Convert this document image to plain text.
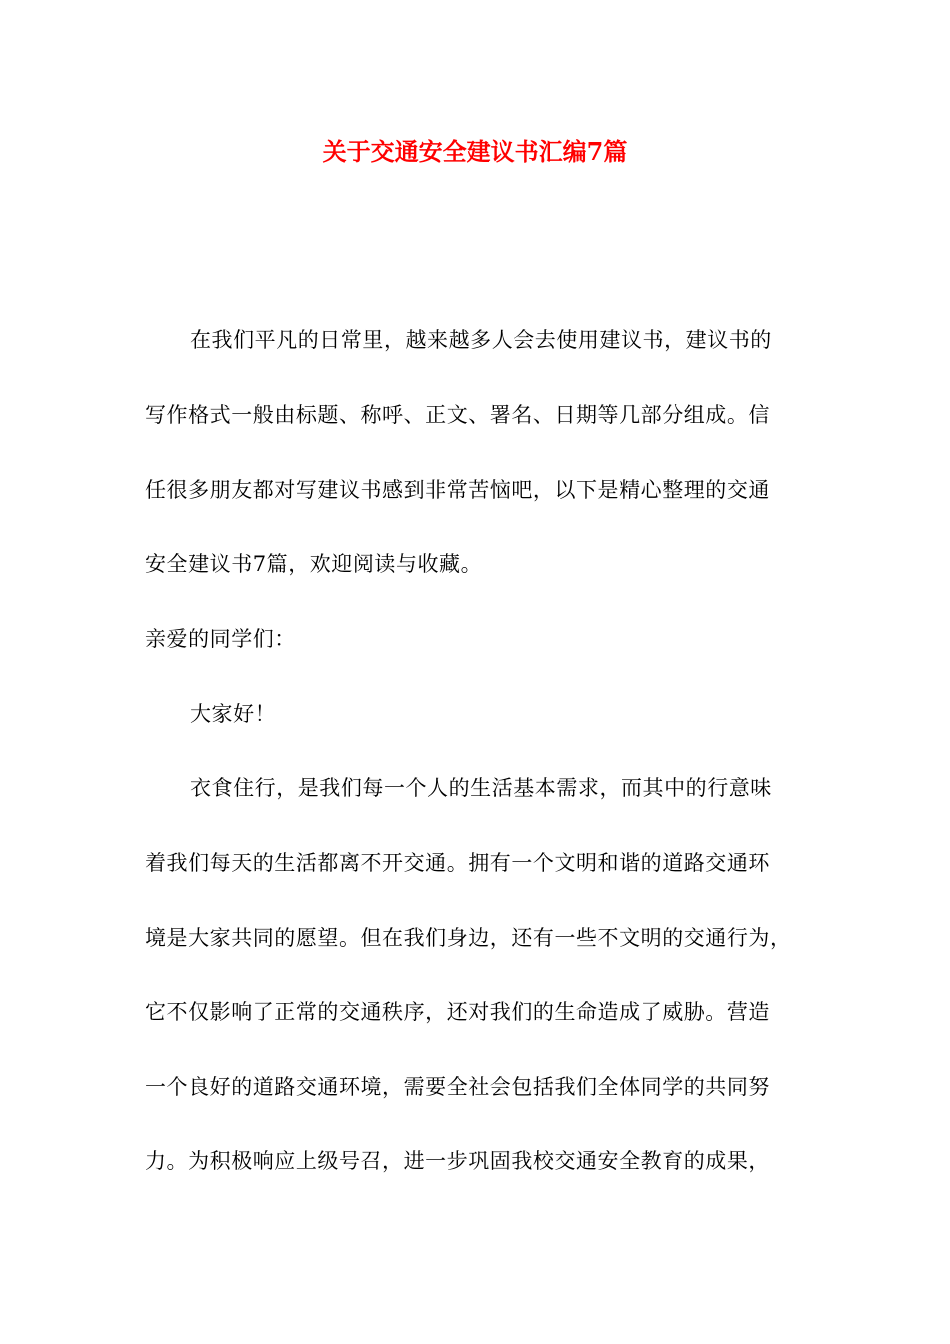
关于交通安全建议书汇编7篇
在我们平凡的日常里，越来越多人会去使用建议书，建议书的
写作格式一般由标题、称呼、正文、署名、日期等几部分组成。信
任很多朋友都对写建议书感到非常苦恼吧，以下是精心整理的交通
安全建议书7篇，欢迎阅读与收藏。
亲爱的同学们：
大家好！
衣食住行，是我们每一个人的生活基本需求，而其中的行意味
着我们每天的生活都离不开交通。拥有一个文明和谐的道路交通环
境是大家共同的愿望。但在我们身边，还有一些不文明的交通行为，
它不仅影响了正常的交通秩序，还对我们的生命造成了威胁。营造
一个良好的道路交通环境，需要全社会包括我们全体同学的共同努
力。为积极响应上级号召，进一步巩固我校交通安全教育的成果，
